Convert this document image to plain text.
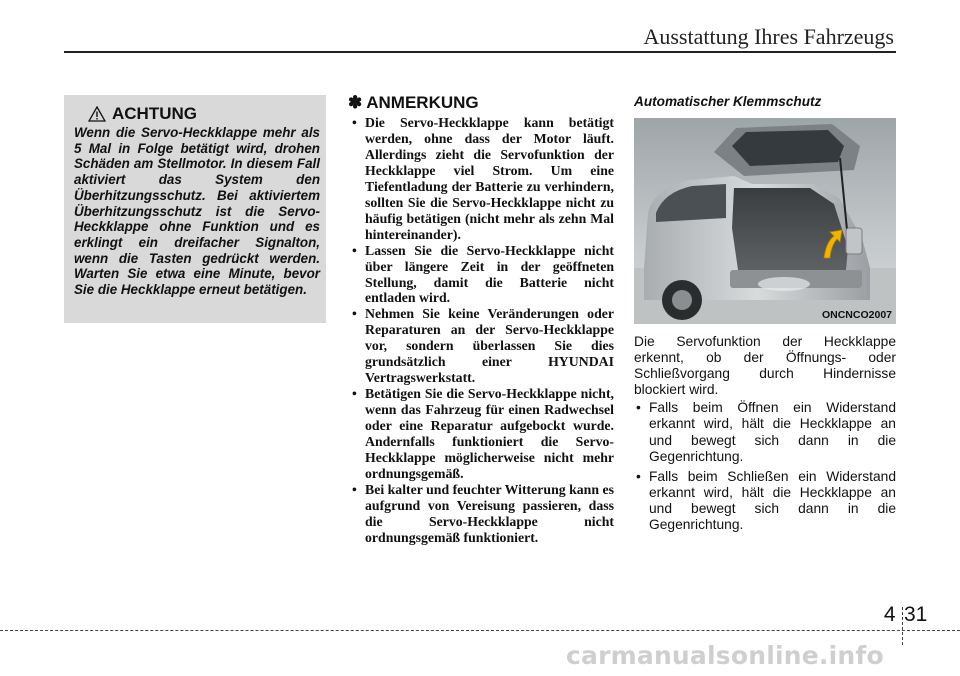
Ausstattung Ihres Fahrzeugs
ACHTUNG
Wenn die Servo-Heckklappe mehr als 5 Mal in Folge betätigt wird, drohen Schäden am Stellmotor. In diesem Fall aktiviert das System den Überhitzungsschutz. Bei aktiviertem Überhitzungsschutz ist die Servo-Heckklappe ohne Funktion und es erklingt ein dreifacher Signalton, wenn die Tasten gedrückt werden. Warten Sie etwa eine Minute, bevor Sie die Heckklappe erneut betätigen.
✽ ANMERKUNG
• Die Servo-Heckklappe kann betätigt werden, ohne dass der Motor läuft. Allerdings zieht die Servofunktion der Heckklappe viel Strom. Um eine Tiefentladung der Batterie zu verhindern, sollten Sie die Servo-Heckklappe nicht zu häufig betätigen (nicht mehr als zehn Mal hintereinander).
• Lassen Sie die Servo-Heckklappe nicht über längere Zeit in der geöffneten Stellung, damit die Batterie nicht entladen wird.
• Nehmen Sie keine Veränderungen oder Reparaturen an der Servo-Heckklappe vor, sondern überlassen Sie dies grundsätzlich einer HYUNDAI Vertragswerkstatt.
• Betätigen Sie die Servo-Heckklappe nicht, wenn das Fahrzeug für einen Radwechsel oder eine Reparatur aufgebockt wurde. Andernfalls funktioniert die Servo-Heckklappe möglicherweise nicht mehr ordnungsgemäß.
• Bei kalter und feuchter Witterung kann es aufgrund von Vereisung passieren, dass die Servo-Heckklappe nicht ordnungsgemäß funktioniert.
Automatischer Klemmschutz
ONCNCO2007

Die Servofunktion der Heckklappe erkennt, ob der Öffnungs- oder Schließvorgang durch Hindernisse blockiert wird.

• Falls beim Öffnen ein Widerstand erkannt wird, hält die Heckklappe an und bewegt sich dann in die Gegenrichtung.
• Falls beim Schließen ein Widerstand erkannt wird, hält die Heckklappe an und bewegt sich dann in die Gegenrichtung.
4 31
carmanualsonline.info
